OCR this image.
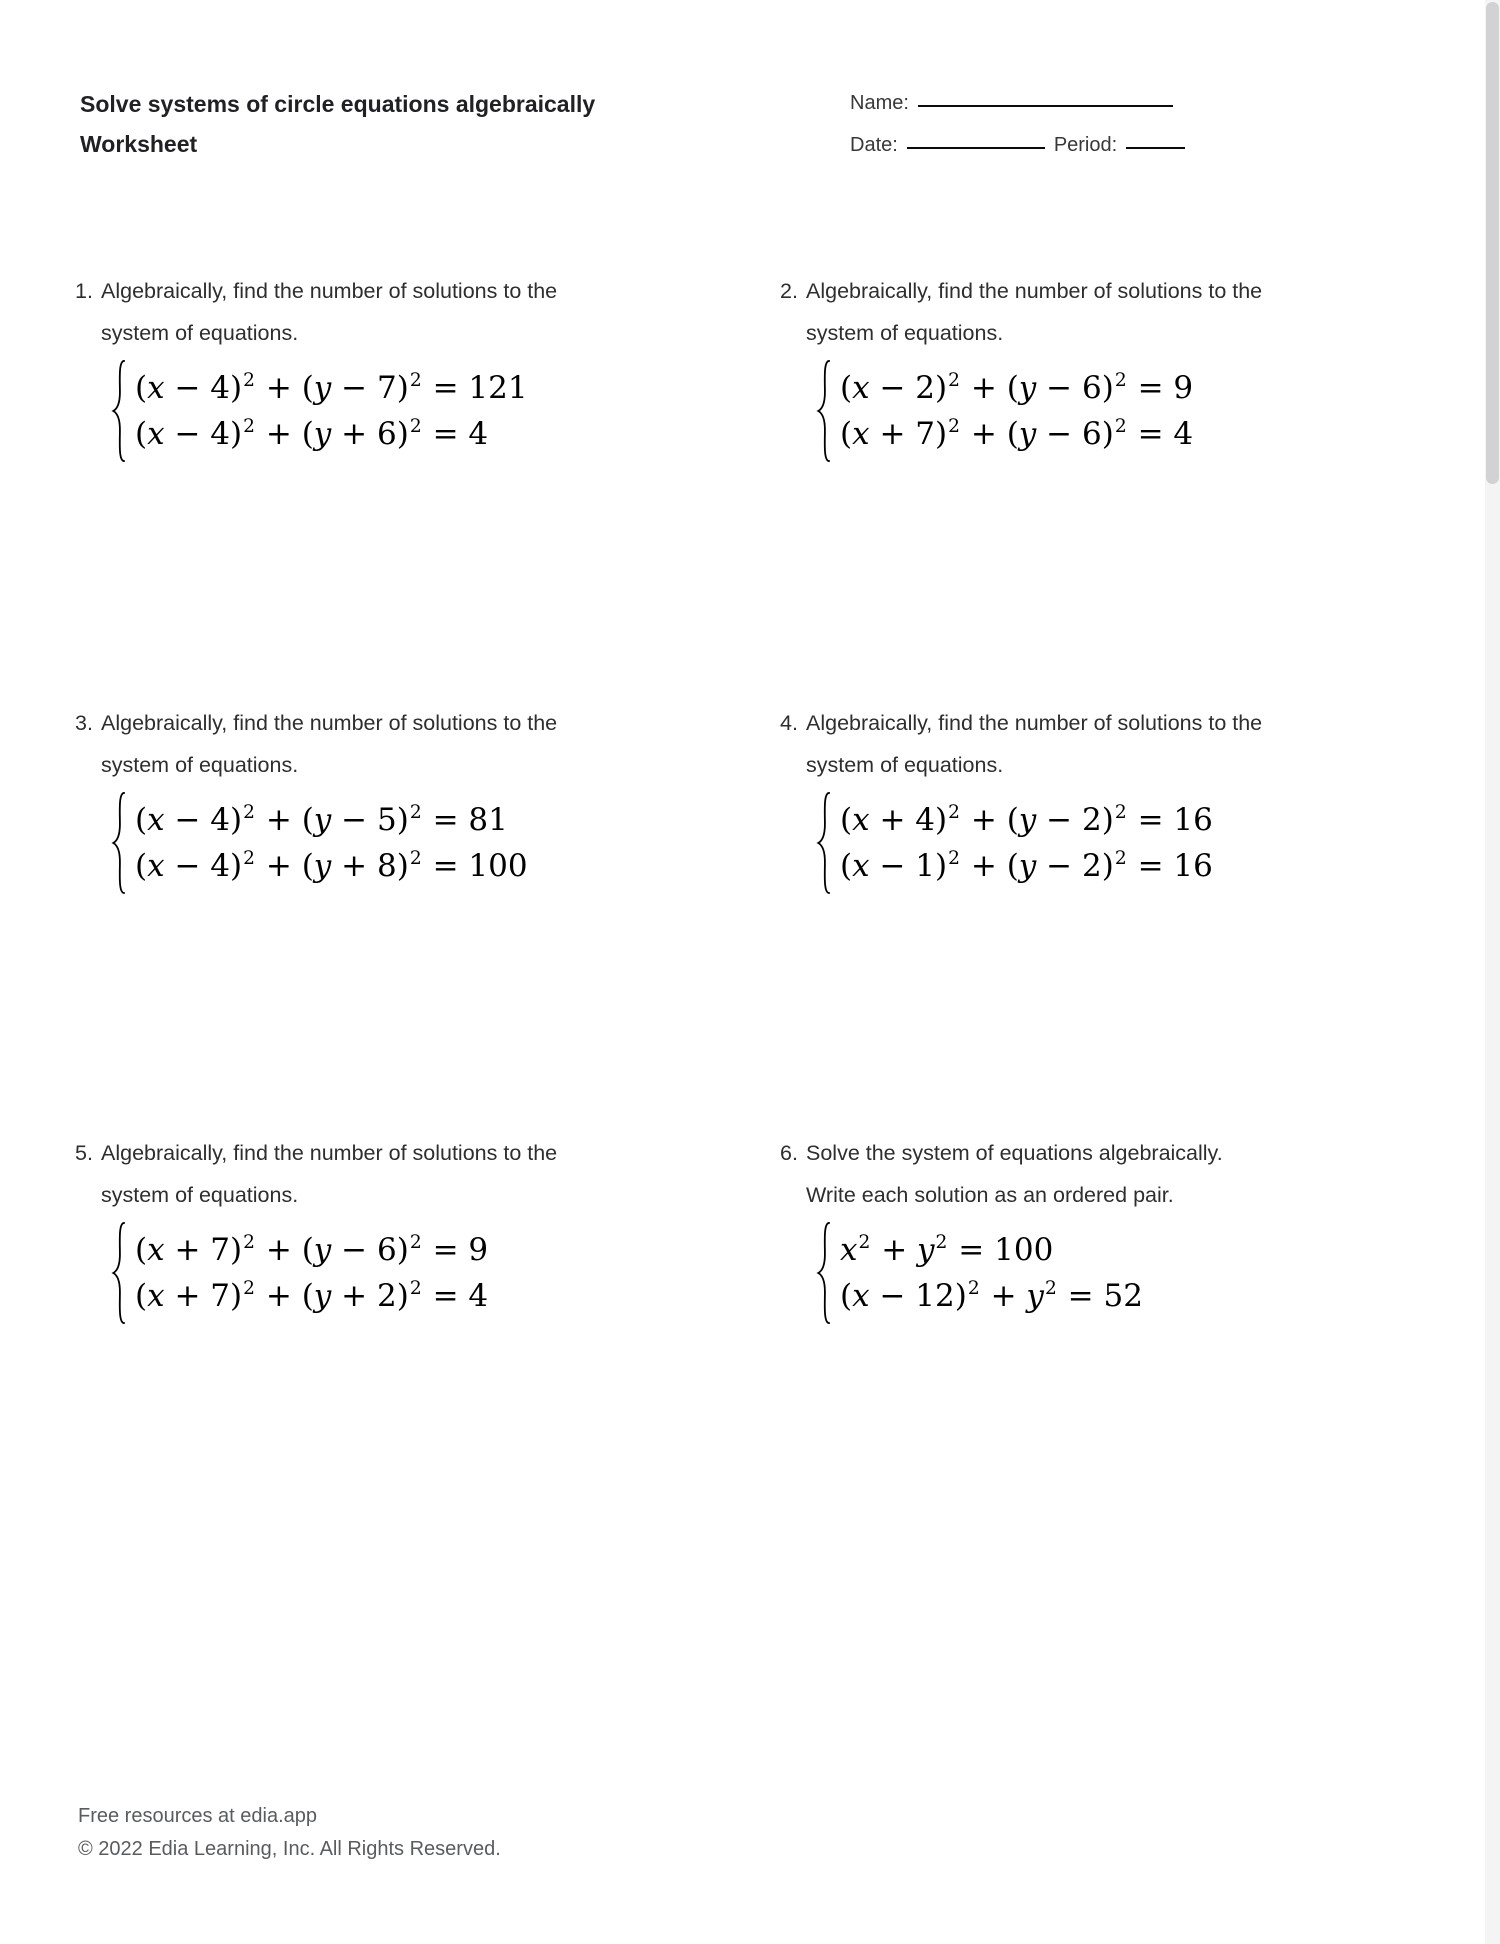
Solve systems of circle equations algebraically
Worksheet
Name:
Date:	Period:
1. Algebraically, find the number of solutions to the
system of equations.
$(x - 4)^2 + (y - 7)^2 = 121$
$(x - 4)^2 + (y + 6)^2 = 4$
2. Algebraically, find the number of solutions to the
system of equations.
$(x - 2)^2 + (y - 6)^2 = 9$
$(x + 7)^2 + (y - 6)^2 = 4$
3. Algebraically, find the number of solutions to the
system of equations.
$(x - 4)^2 + (y - 5)^2 = 81$
$(x - 4)^2 + (y + 8)^2 = 100$
4. Algebraically, find the number of solutions to the
system of equations.
$(x + 4)^2 + (y - 2)^2 = 16$
$(x - 1)^2 + (y - 2)^2 = 16$
5. Algebraically, find the number of solutions to the
system of equations.
$(x + 7)^2 + (y - 6)^2 = 9$
$(x + 7)^2 + (y + 2)^2 = 4$
6. Solve the system of equations algebraically.
Write each solution as an ordered pair.
$x^2 + y^2 = 100$
$(x - 12)^2 + y^2 = 52$
Free resources at edia.app
© 2022 Edia Learning, Inc. All Rights Reserved.
